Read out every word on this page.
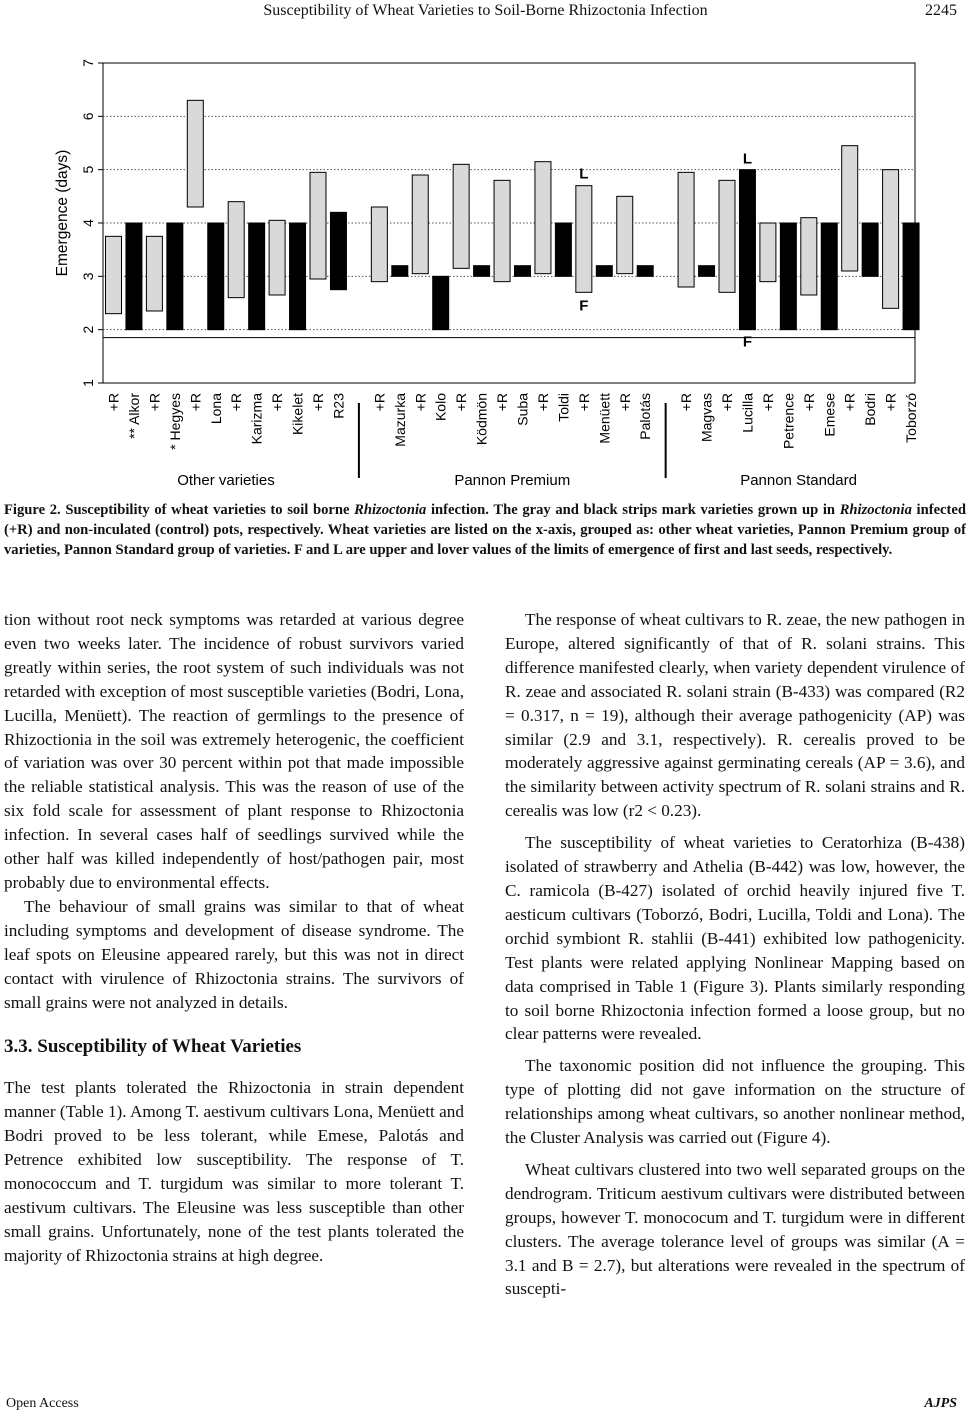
Susceptibility of Wheat Varieties to Soil-Borne Rhizoctonia Infection	2245
1
2
3
4
5
6
7
Emergence (days)	L
F
L
F
+R ** Alkor +R * Hegyes +R Lona +R Karizma +R Kikelet +R R23 +R Mazurka +R Kolo +R Ködmön +R Suba +R Toldi +R Menüett +R Palotás +R Magvas +R Lucilla +R Petrence +R Emese +R Bodri +R Toborzó
Other varieties	Pannon Premium	Pannon Standard
Figure 2. Susceptibility of wheat varieties to soil borne Rhizoctonia infection. The gray and black strips mark varieties grown up in Rhizoctonia infected (+R) and non-inculated (control) pots, respectively. Wheat varieties are listed on the x-axis, grouped as: other wheat varieties, Pannon Premium group of varieties, Pannon Standard group of varieties. F and L are upper and lover values of the limits of emergence of first and last seeds, respectively.

tion without root neck symptoms was retarded at various degree even two weeks later. The incidence of robust survivors varied greatly within series, the root system of such individuals was not retarded with exception of most susceptible varieties (Bodri, Lona, Lucilla, Menüett). The reaction of germlings to the presence of Rhizoctionia in the soil was extremely heterogenic, the coefficient of variation was over 30 percent within pot that made impossible the reliable statistical analysis. This was the reason of use of the six fold scale for assessment of plant response to Rhizoctonia infection. In several cases half of seedlings survived while the other half was killed independently of host/pathogen pair, most probably due to environmental effects.

The behaviour of small grains was similar to that of wheat including symptoms and development of disease syndrome. The leaf spots on Eleusine appeared rarely, but this was not in direct contact with virulence of Rhizoctonia strains. The survivors of small grains were not analyzed in details.

3.3. Susceptibility of Wheat Varieties

The test plants tolerated the Rhizoctonia in strain dependent manner (Table 1). Among T. aestivum cultivars Lona, Menüett and Bodri proved to be less tolerant, while Emese, Palotás and Petrence exhibited low susceptibility. The response of T. monococcum and T. turgidum was similar to more tolerant T. aestivum cultivars. The Eleusine was less susceptible than other small grains. Unfortunately, none of the test plants tolerated the majority of Rhizoctonia strains at high degree.

The response of wheat cultivars to R. zeae, the new pathogen in Europe, altered significantly of that of R. solani strains. This difference manifested clearly, when variety dependent virulence of R. zeae and associated R. solani strain (B-433) was compared (R2 = 0.317, n = 19), although their average pathogenicity (AP) was similar (2.9 and 3.1, respectively). R. cerealis proved to be moderately aggressive against germinating cereals (AP = 3.6), and the similarity between activity spectrum of R. solani strains and R. cerealis was low (r2 < 0.23).

The susceptibility of wheat varieties to Ceratorhiza (B-438) isolated of strawberry and Athelia (B-442) was low, however, the C. ramicola (B-427) isolated of orchid heavily injured five T. aesticum cultivars (Toborzó, Bodri, Lucilla, Toldi and Lona). The orchid symbiont R. stahlii (B-441) exhibited low pathogenicity. Test plants were related applying Nonlinear Mapping based on data comprised in Table 1 (Figure 3). Plants similarly responding to soil borne Rhizoctonia infection formed a loose group, but no clear patterns were revealed.

The taxonomic position did not influence the grouping. This type of plotting did not gave information on the structure of relationships among wheat cultivars, so another nonlinear method, the Cluster Analysis was carried out (Figure 4).

Wheat cultivars clustered into two well separated groups on the dendrogram. Triticum aestivum cultivars were distributed between groups, however T. monococum and T. turgidum were in different clusters. The average tolerance level of groups was similar (A = 3.1 and B = 2.7), but alterations were revealed in the spectrum of suscepti-

Open Access	AJPS
